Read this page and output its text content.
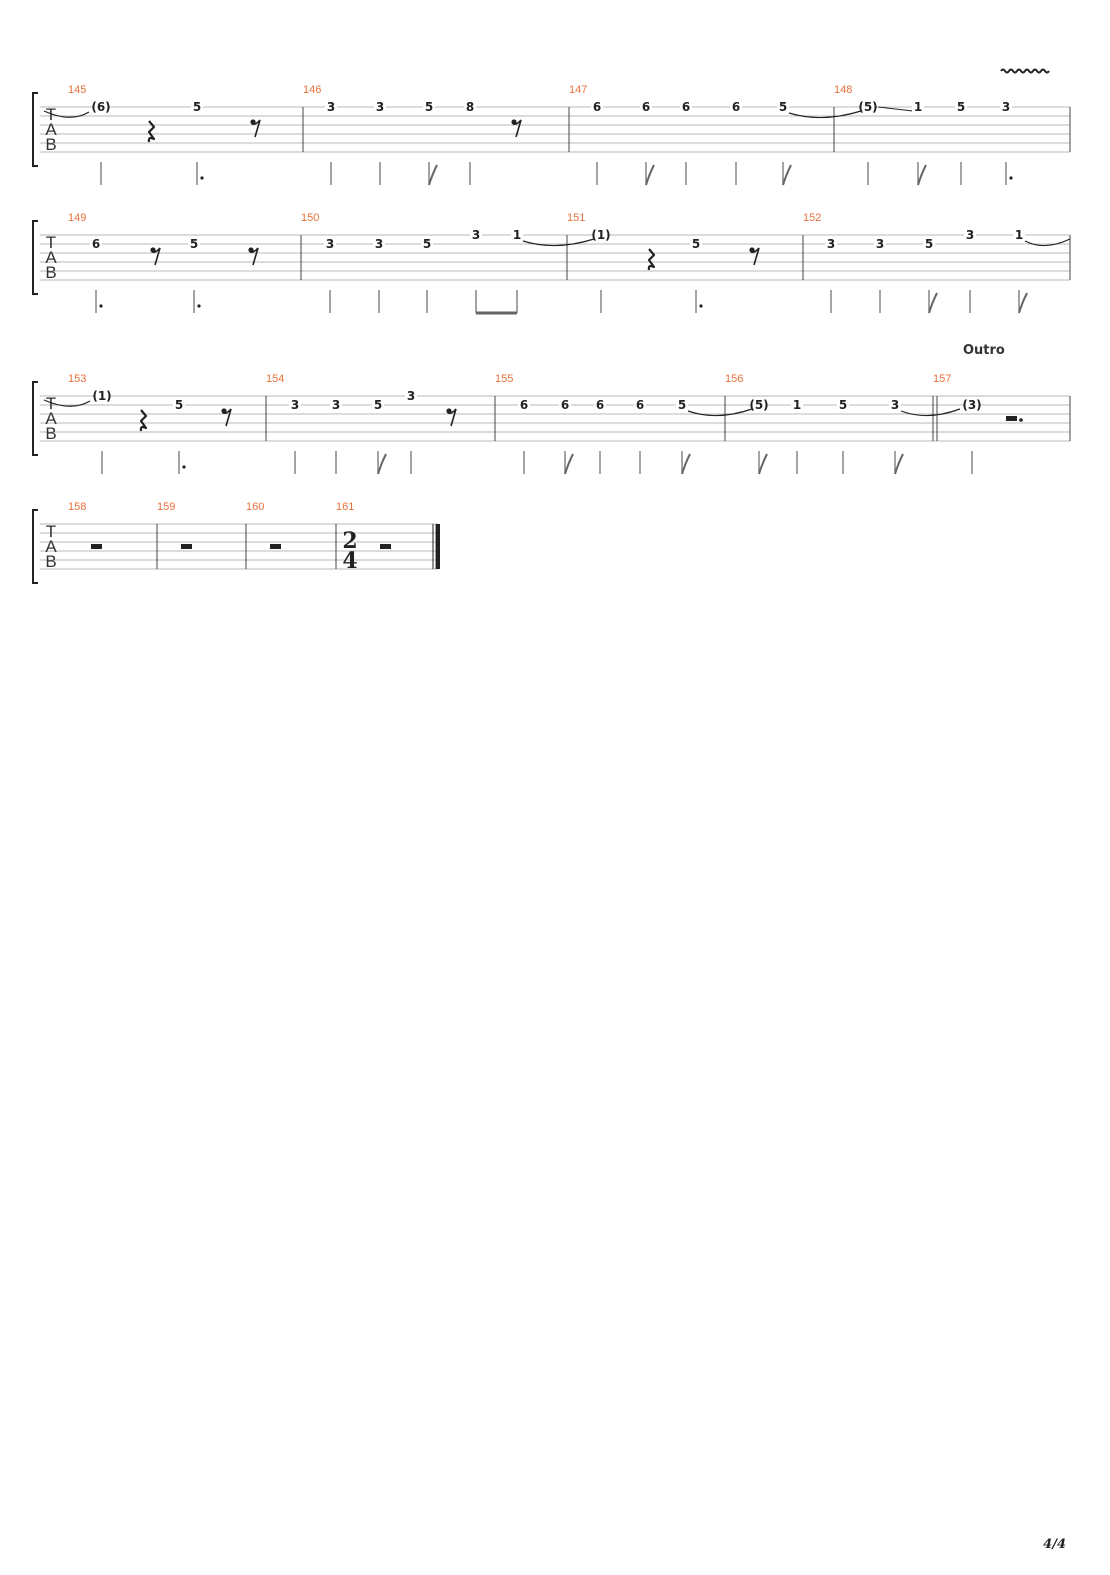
T
A
B
145
(6)	5
146
3	3	5	8
147
6	6	6	6	5
148
(5)	1	5	3
T
A
B
149
6	5
150
3	3	5
3	1
151
(1)
5
152
3	3	5
3	1
T
A
B
153
(1)
5
154
3	3	5
3
155
6	6 6	6	5
156
(5) 1	5	3
157
Outro
(3)
T
A
B
158	159	160	161
2
4
4/4
